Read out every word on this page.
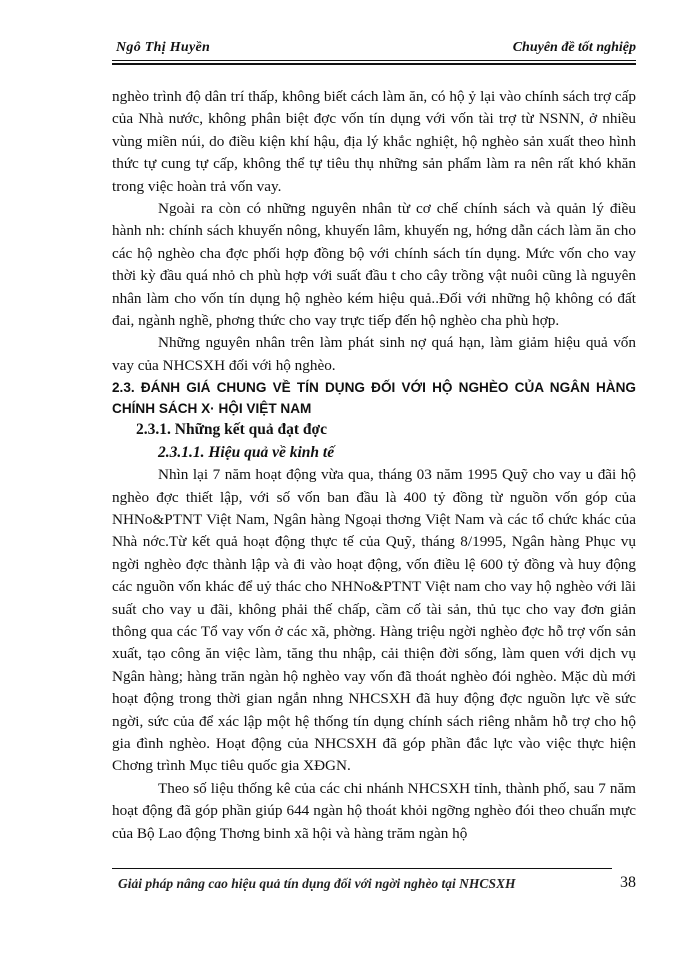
Ngô Thị Huyền	Chuyên đề tốt nghiệp

nghèo trình độ dân trí thấp, không biết cách làm ăn, có hộ ỷ lại vào chính sách trợ cấp của Nhà nước, không phân biệt đợc vốn tín dụng với vốn tài trợ từ NSNN, ở nhiều vùng miền núi, do điều kiện khí hậu, địa lý khắc nghiệt, hộ nghèo sản xuất theo hình thức tự cung tự cấp, không thể tự tiêu thụ những sản phẩm làm ra nên rất khó khăn trong việc hoàn trả vốn vay.

Ngoài ra còn có những nguyên nhân từ cơ chế chính sách và quản lý điều hành nh: chính sách khuyến nông, khuyến lâm, khuyến ng, hớng dẫn cách làm ăn cho các hộ nghèo cha đợc phối hợp đồng bộ với chính sách tín dụng. Mức vốn cho vay thời kỳ đầu quá nhỏ ch phù hợp với suất đầu t cho cây trồng vật nuôi cũng là nguyên nhân làm cho vốn tín dụng hộ nghèo kém hiệu quả..Đối với những hộ không có đất đai, ngành nghề, phơng thức cho vay trực tiếp đến hộ nghèo cha phù hợp.

Những nguyên nhân trên làm phát sinh nợ quá hạn, làm giảm hiệu quả vốn vay của NHCSXH đối với hộ nghèo.

2.3. ĐÁNH GIÁ CHUNG VỀ TÍN DỤNG ĐỐI VỚI HỘ NGHÈO CỦA NGÂN HÀNG CHÍNH SÁCH X· HỘI VIỆT NAM

2.3.1. Những kết quả đạt đợc

2.3.1.1. Hiệu quả về kinh tế

Nhìn lại 7 năm hoạt động vừa qua, tháng 03 năm 1995 Quỹ cho vay u đãi hộ nghèo đợc thiết lập, với số vốn ban đầu là 400 tỷ đồng từ nguồn vốn góp của NHNo&PTNT Việt Nam, Ngân hàng Ngoại thơng Việt Nam và các tổ chức khác của Nhà nớc.Từ kết quả hoạt động thực tế của Quỹ, tháng 8/1995, Ngân hàng Phục vụ ngời nghèo đợc thành lập và đi vào hoạt động, vốn điều lệ 600 tỷ đồng và huy động các nguồn vốn khác để uỷ thác cho NHNo&PTNT Việt nam cho vay hộ nghèo với lãi suất cho vay u đãi, không phải thế chấp, cầm cố tài sản, thủ tục cho vay đơn giản thông qua các Tổ vay vốn ở các xã, phờng. Hàng triệu ngời nghèo đợc hỗ trợ vốn sản xuất, tạo công ăn việc làm, tăng thu nhập, cải thiện đời sống, làm quen với dịch vụ Ngân hàng; hàng trăn ngàn hộ nghèo vay vốn đã thoát nghèo đói nghèo. Mặc dù mới hoạt động trong thời gian ngắn nhng NHCSXH đã huy động đợc nguồn lực về sức ngời, sức của để xác lập một hệ thống tín dụng chính sách riêng nhằm hỗ trợ cho hộ gia đình nghèo. Hoạt động của NHCSXH đã góp phần đắc lực vào việc thực hiện Chơng trình Mục tiêu quốc gia XĐGN.

Theo số liệu thống kê của các chi nhánh NHCSXH tỉnh, thành phố, sau 7 năm hoạt động đã góp phần giúp 644 ngàn hộ thoát khỏi ngỡng nghèo đói theo chuẩn mực của Bộ Lao động Thơng binh xã hội và hàng trăm ngàn hộ

Giải pháp nâng cao hiệu quả tín dụng đối với ngời nghèo tại NHCSXH	38
